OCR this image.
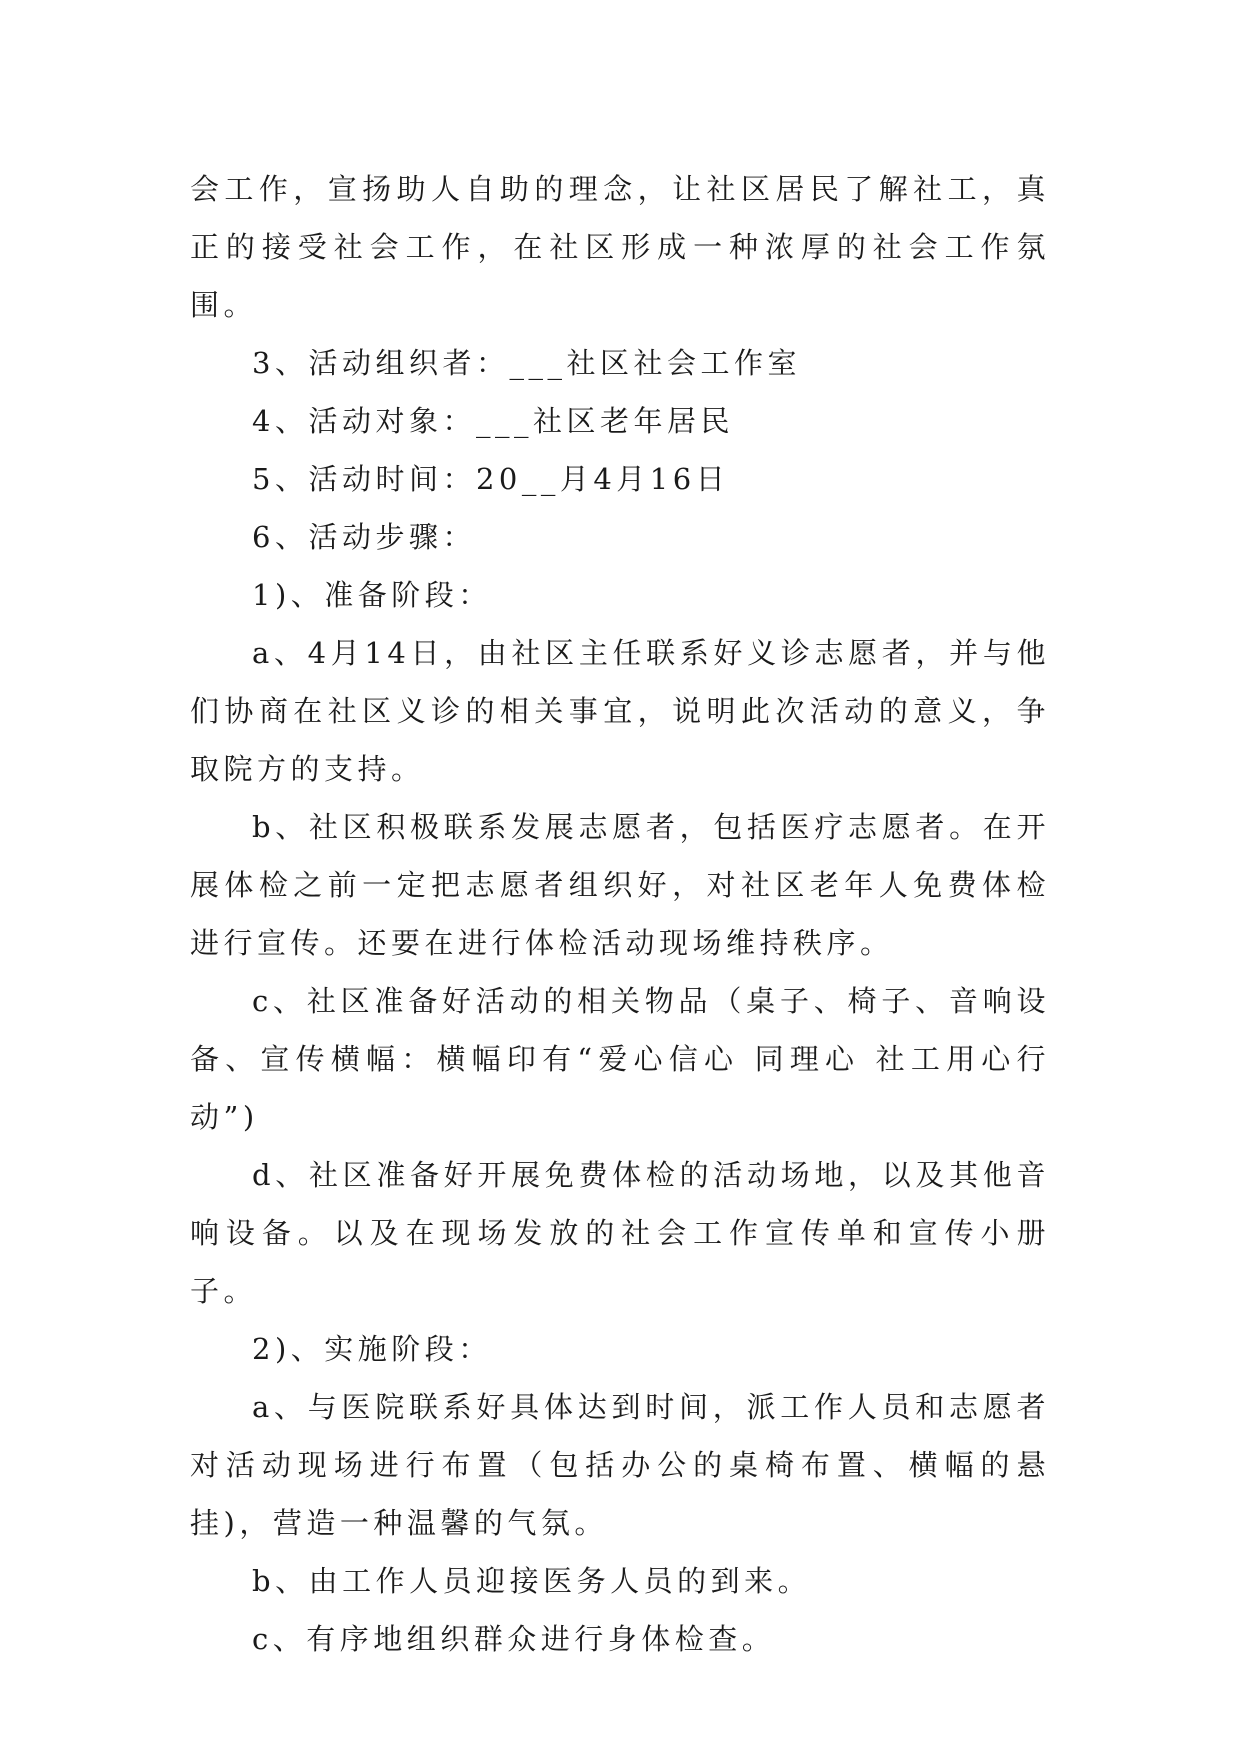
会工作，宣扬助人自助的理念，让社区居民了解社工，真正的接受社会工作，在社区形成一种浓厚的社会工作氛围。

3、活动组织者：___社区社会工作室

4、活动对象：___社区老年居民

5、活动时间：20__月4月16日

6、活动步骤：

1)、准备阶段：

a、4月14日，由社区主任联系好义诊志愿者，并与他们协商在社区义诊的相关事宜，说明此次活动的意义，争取院方的支持。

b、社区积极联系发展志愿者，包括医疗志愿者。在开展体检之前一定把志愿者组织好，对社区老年人免费体检进行宣传。还要在进行体检活动现场维持秩序。

c、社区准备好活动的相关物品（桌子、椅子、音响设备、宣传横幅：横幅印有“爱心信心 同理心 社工用心行动”)

d、社区准备好开展免费体检的活动场地，以及其他音响设备。以及在现场发放的社会工作宣传单和宣传小册子。

2)、实施阶段：

a、与医院联系好具体达到时间，派工作人员和志愿者对活动现场进行布置（包括办公的桌椅布置、横幅的悬挂)，营造一种温馨的气氛。

b、由工作人员迎接医务人员的到来。

c、有序地组织群众进行身体检查。
